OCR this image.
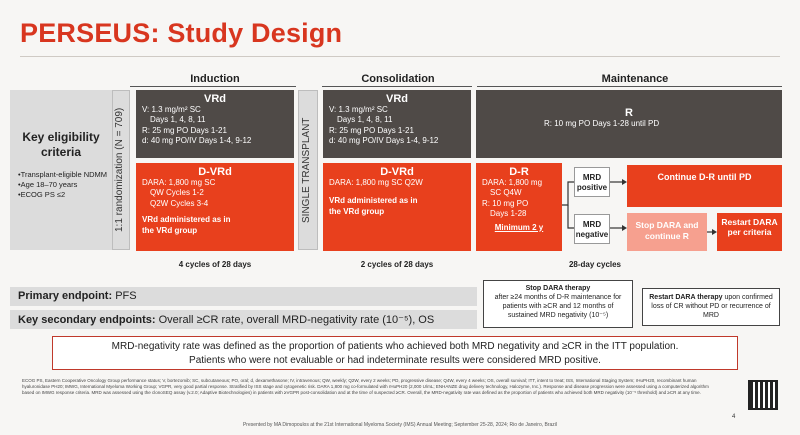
PERSEUS: Study Design
Induction	Consolidation	Maintenance
Key eligibility criteria
• Transplant-eligible NDMM
• Age 18–70 years
• ECOG PS ≤2	1:1 randomization (N = 709)
VRd
V: 1.3 mg/m² SC
Days 1, 4, 8, 11
R: 25 mg PO Days 1-21
d: 40 mg PO/IV Days 1-4, 9-12
D-VRd
DARA: 1,800 mg SC
QW Cycles 1-2
Q2W Cycles 3-4
VRd administered as in
the VRd group
SINGLE TRANSPLANT
VRd
V: 1.3 mg/m² SC
Days 1, 4, 8, 11
R: 25 mg PO Days 1-21
d: 40 mg PO/IV Days 1-4, 9-12
D-VRd
DARA: 1,800 mg SC Q2W
VRd administered as in
the VRd group
R
R: 10 mg PO Days 1-28 until PD
D-R
DARA: 1,800 mg
SC Q4W
R: 10 mg PO
Days 1-28
Minimum 2 y
MRD positive
MRD negative
Continue D-R until PD
Stop DARA and continue R
Restart DARA per criteria
4 cycles of 28 days	2 cycles of 28 days	28-day cycles
Stop DARA therapy
after ≥24 months of D-R maintenance for patients with ≥CR and 12 months of sustained MRD negativity (10⁻⁵)
Restart DARA therapy upon confirmed loss of CR without PD or recurrence of MRD
Primary endpoint: PFS
Key secondary endpoints: Overall ≥CR rate, overall MRD-negativity rate (10⁻⁵), OS
MRD-negativity rate was defined as the proportion of patients who achieved both MRD negativity and ≥CR in the ITT population.
Patients who were not evaluable or had indeterminate results were considered MRD positive.
ECOG PS, Eastern Cooperative Oncology Group performance status; V, bortezomib; SC, subcutaneous; PO, oral; d, dexamethasone; IV, intravenous; QW, weekly; Q2W, every 2 weeks; PD, progressive disease; Q4W, every 4 weeks; OS, overall survival; ITT, intent to treat; ISS, International Staging System; rHuPH20, recombinant human hyaluronidase PH20; IMWG, International Myeloma Working Group; VGPR, very good partial response. Stratified by ISS stage and cytogenetic risk. DARA 1,800 mg co-formulated with rHuPH20 (2,000 U/mL; ENHANZE drug delivery technology, Halozyme, Inc.). Response and disease progression were assessed using a computerized algorithm based on IMWG response criteria. MRD was assessed using the clonoSEQ assay (v.2.0; Adaptive Biotechnologies) in patients with ≥VGPR post-consolidation and at the time of suspected ≥CR. Overall, the MRD-negativity rate was defined as the proportion of patients who achieved both MRD negativity (10⁻⁵ threshold) and ≥CR at any time.
4
Presented by MA Dimopoulos at the 21st International Myeloma Society (IMS) Annual Meeting; September 25-28, 2024; Rio de Janeiro, Brazil
